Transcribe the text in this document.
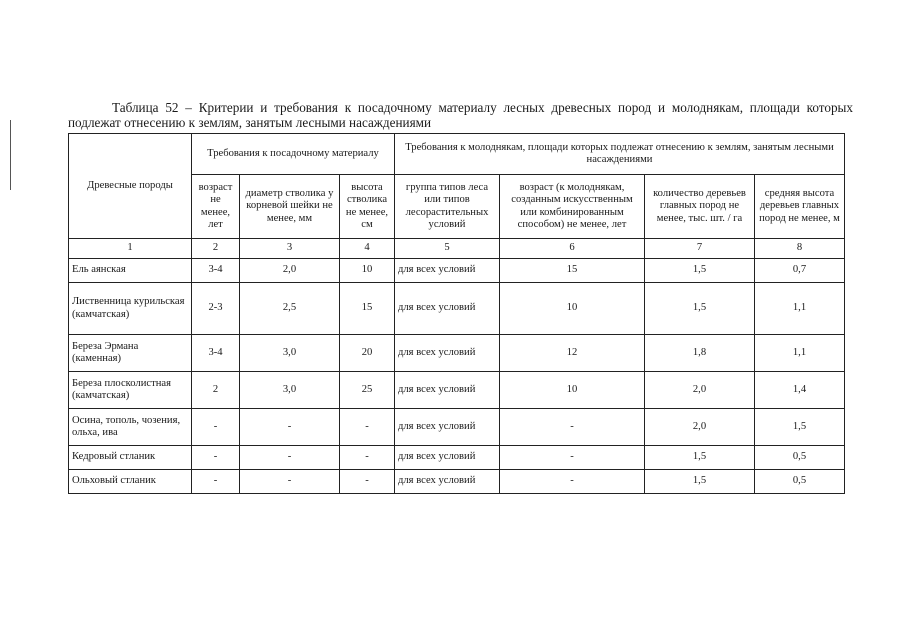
Таблица 52 – Критерии и требования к посадочному материалу лесных древесных пород и молоднякам, площади которых подлежат отнесению к землям, занятым лесными насаждениями
Древесные породы	Требования к посадочному материалу			Требования к молоднякам, площади которых подлежат отнесению к землям, занятым лесными насаждениями			
	возраст не менее, лет	диаметр стволика у корневой шейки не менее, мм	высота стволика не менее, см	группа типов леса или типов лесорастительных условий	возраст (к молоднякам, созданным искусственным или комбинированным способом) не менее, лет	количество деревьев главных пород не менее, тыс. шт. / га	средняя высота деревьев главных пород не менее, м
1	2	3	4	5	6	7	8
Ель аянская	3-4	2,0	10	для всех условий	15	1,5	0,7
Лиственница курильская (камчатская)	2-3	2,5	15	для всех условий	10	1,5	1,1
Береза Эрмана (каменная)	3-4	3,0	20	для всех условий	12	1,8	1,1
Береза плосколистная (камчатская)	2	3,0	25	для всех условий	10	2,0	1,4
Осина, тополь, чозения, ольха, ива	-	-	-	для всех условий	-	2,0	1,5
Кедровый стланик	-	-	-	для всех условий	-	1,5	0,5
Ольховый стланик	-	-	-	для всех условий	-	1,5	0,5
